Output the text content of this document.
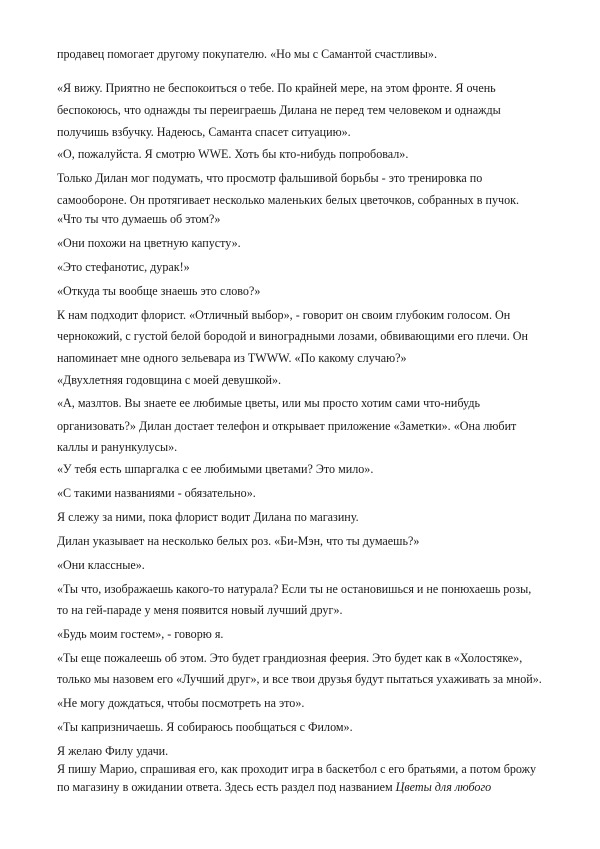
продавец помогает другому покупателю. «Но мы с Самантой счастливы».
«Я вижу. Приятно не беспокоиться о тебе. По крайней мере, на этом фронте. Я очень
беспокоюсь, что однажды ты переиграешь Дилана не перед тем человеком и однажды
получишь взбучку. Надеюсь, Саманта спасет ситуацию».
«О, пожалуйста. Я смотрю WWE. Хоть бы кто-нибудь попробовал».
Только Дилан мог подумать, что просмотр фальшивой борьбы - это тренировка по
самообороне. Он протягивает несколько маленьких белых цветочков, собранных в пучок.
«Что ты что думаешь об этом?»
«Они похожи на цветную капусту».
«Это стефанотис, дурак!»
«Откуда ты вообще знаешь это слово?»
К нам подходит флорист. «Отличный выбор», - говорит он своим глубоким голосом. Он
чернокожий, с густой белой бородой и виноградными лозами, обвивающими его плечи. Он
напоминает мне одного зельевара из TWWW. «По какому случаю?»
«Двухлетняя годовщина с моей девушкой».
«А, мазлтов. Вы знаете ее любимые цветы, или мы просто хотим сами что-нибудь
организовать?» Дилан достает телефон и открывает приложение «Заметки». «Она любит
каллы и ранункулусы».
«У тебя есть шпаргалка с ее любимыми цветами? Это мило».
«С такими названиями - обязательно».
Я слежу за ними, пока флорист водит Дилана по магазину.
Дилан указывает на несколько белых роз. «Би-Мэн, что ты думаешь?»
«Они классные».
«Ты что, изображаешь какого-то натурала? Если ты не остановишься и не понюхаешь розы,
то на гей-параде у меня появится новый лучший друг».
«Будь моим гостем», - говорю я.
«Ты еще пожалеешь об этом. Это будет грандиозная феерия. Это будет как в «Холостяке»,
только мы назовем его «Лучший друг», и все твои друзья будут пытаться ухаживать за мной».
«Не могу дождаться, чтобы посмотреть на это».
«Ты капризничаешь. Я собираюсь пообщаться с Филом».
Я желаю Филу удачи.
Я пишу Марио, спрашивая его, как проходит игра в баскетбол с его братьями, а потом брожу
по магазину в ожидании ответа. Здесь есть раздел под названием Цветы для любого
